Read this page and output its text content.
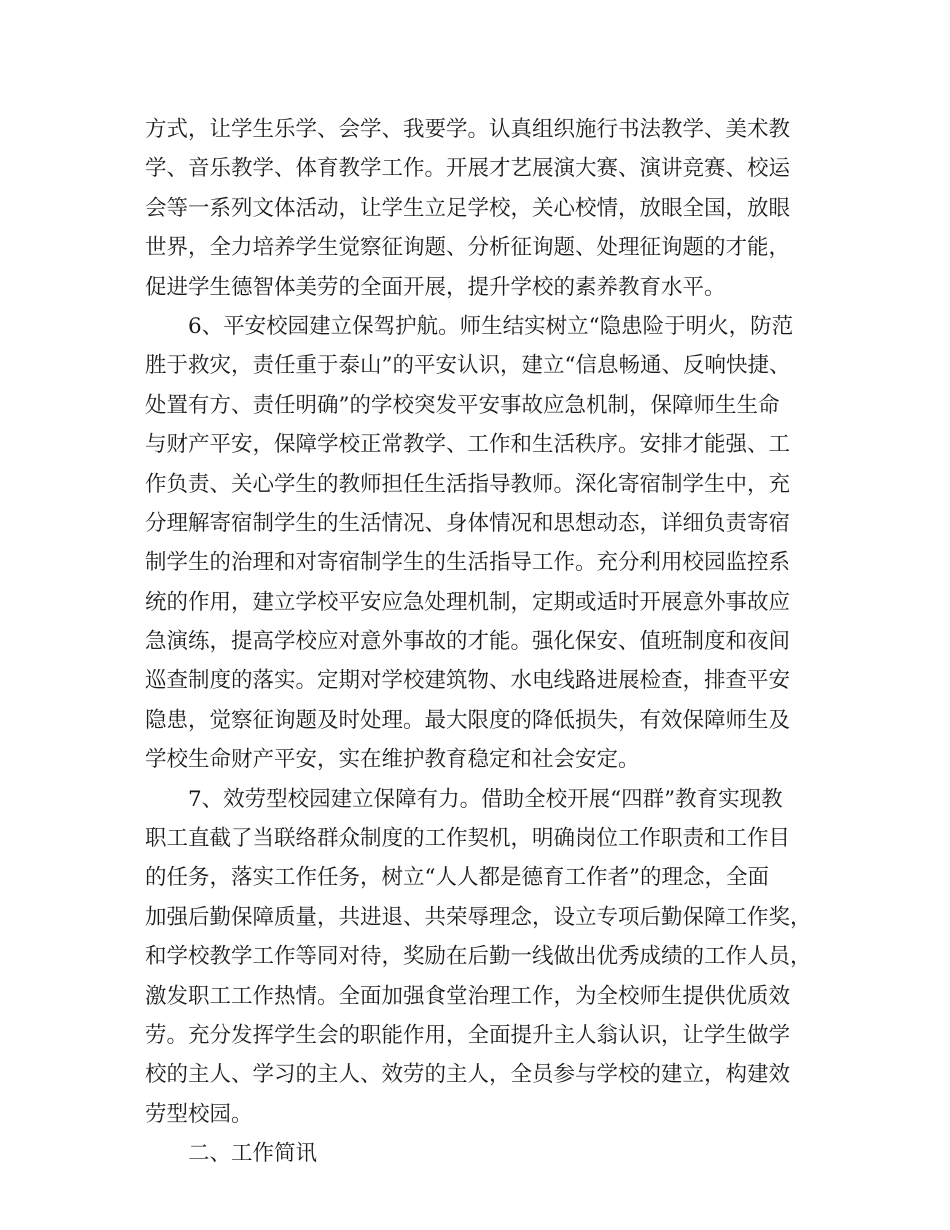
方式，让学生乐学、会学、我要学。认真组织施行书法教学、美术教
学、音乐教学、体育教学工作。开展才艺展演大赛、演讲竞赛、校运
会等一系列文体活动，让学生立足学校，关心校情，放眼全国，放眼
世界，全力培养学生觉察征询题、分析征询题、处理征询题的才能，
促进学生德智体美劳的全面开展，提升学校的素养教育水平。
6、平安校园建立保驾护航。师生结实树立“隐患险于明火，防范
胜于救灾，责任重于泰山”的平安认识，建立“信息畅通、反响快捷、
处置有方、责任明确”的学校突发平安事故应急机制，保障师生生命
与财产平安，保障学校正常教学、工作和生活秩序。安排才能强、工
作负责、关心学生的教师担任生活指导教师。深化寄宿制学生中，充
分理解寄宿制学生的生活情况、身体情况和思想动态，详细负责寄宿
制学生的治理和对寄宿制学生的生活指导工作。充分利用校园监控系
统的作用，建立学校平安应急处理机制，定期或适时开展意外事故应
急演练，提高学校应对意外事故的才能。强化保安、值班制度和夜间
巡查制度的落实。定期对学校建筑物、水电线路进展检查，排查平安
隐患，觉察征询题及时处理。最大限度的降低损失，有效保障师生及
学校生命财产平安，实在维护教育稳定和社会安定。
7、效劳型校园建立保障有力。借助全校开展“四群”教育实现教
职工直截了当联络群众制度的工作契机，明确岗位工作职责和工作目
的任务，落实工作任务，树立“人人都是德育工作者”的理念，全面
加强后勤保障质量，共进退、共荣辱理念，设立专项后勤保障工作奖，
和学校教学工作等同对待，奖励在后勤一线做出优秀成绩的工作人员，
激发职工工作热情。全面加强食堂治理工作，为全校师生提供优质效
劳。充分发挥学生会的职能作用，全面提升主人翁认识，让学生做学
校的主人、学习的主人、效劳的主人，全员参与学校的建立，构建效
劳型校园。
二、工作简讯
